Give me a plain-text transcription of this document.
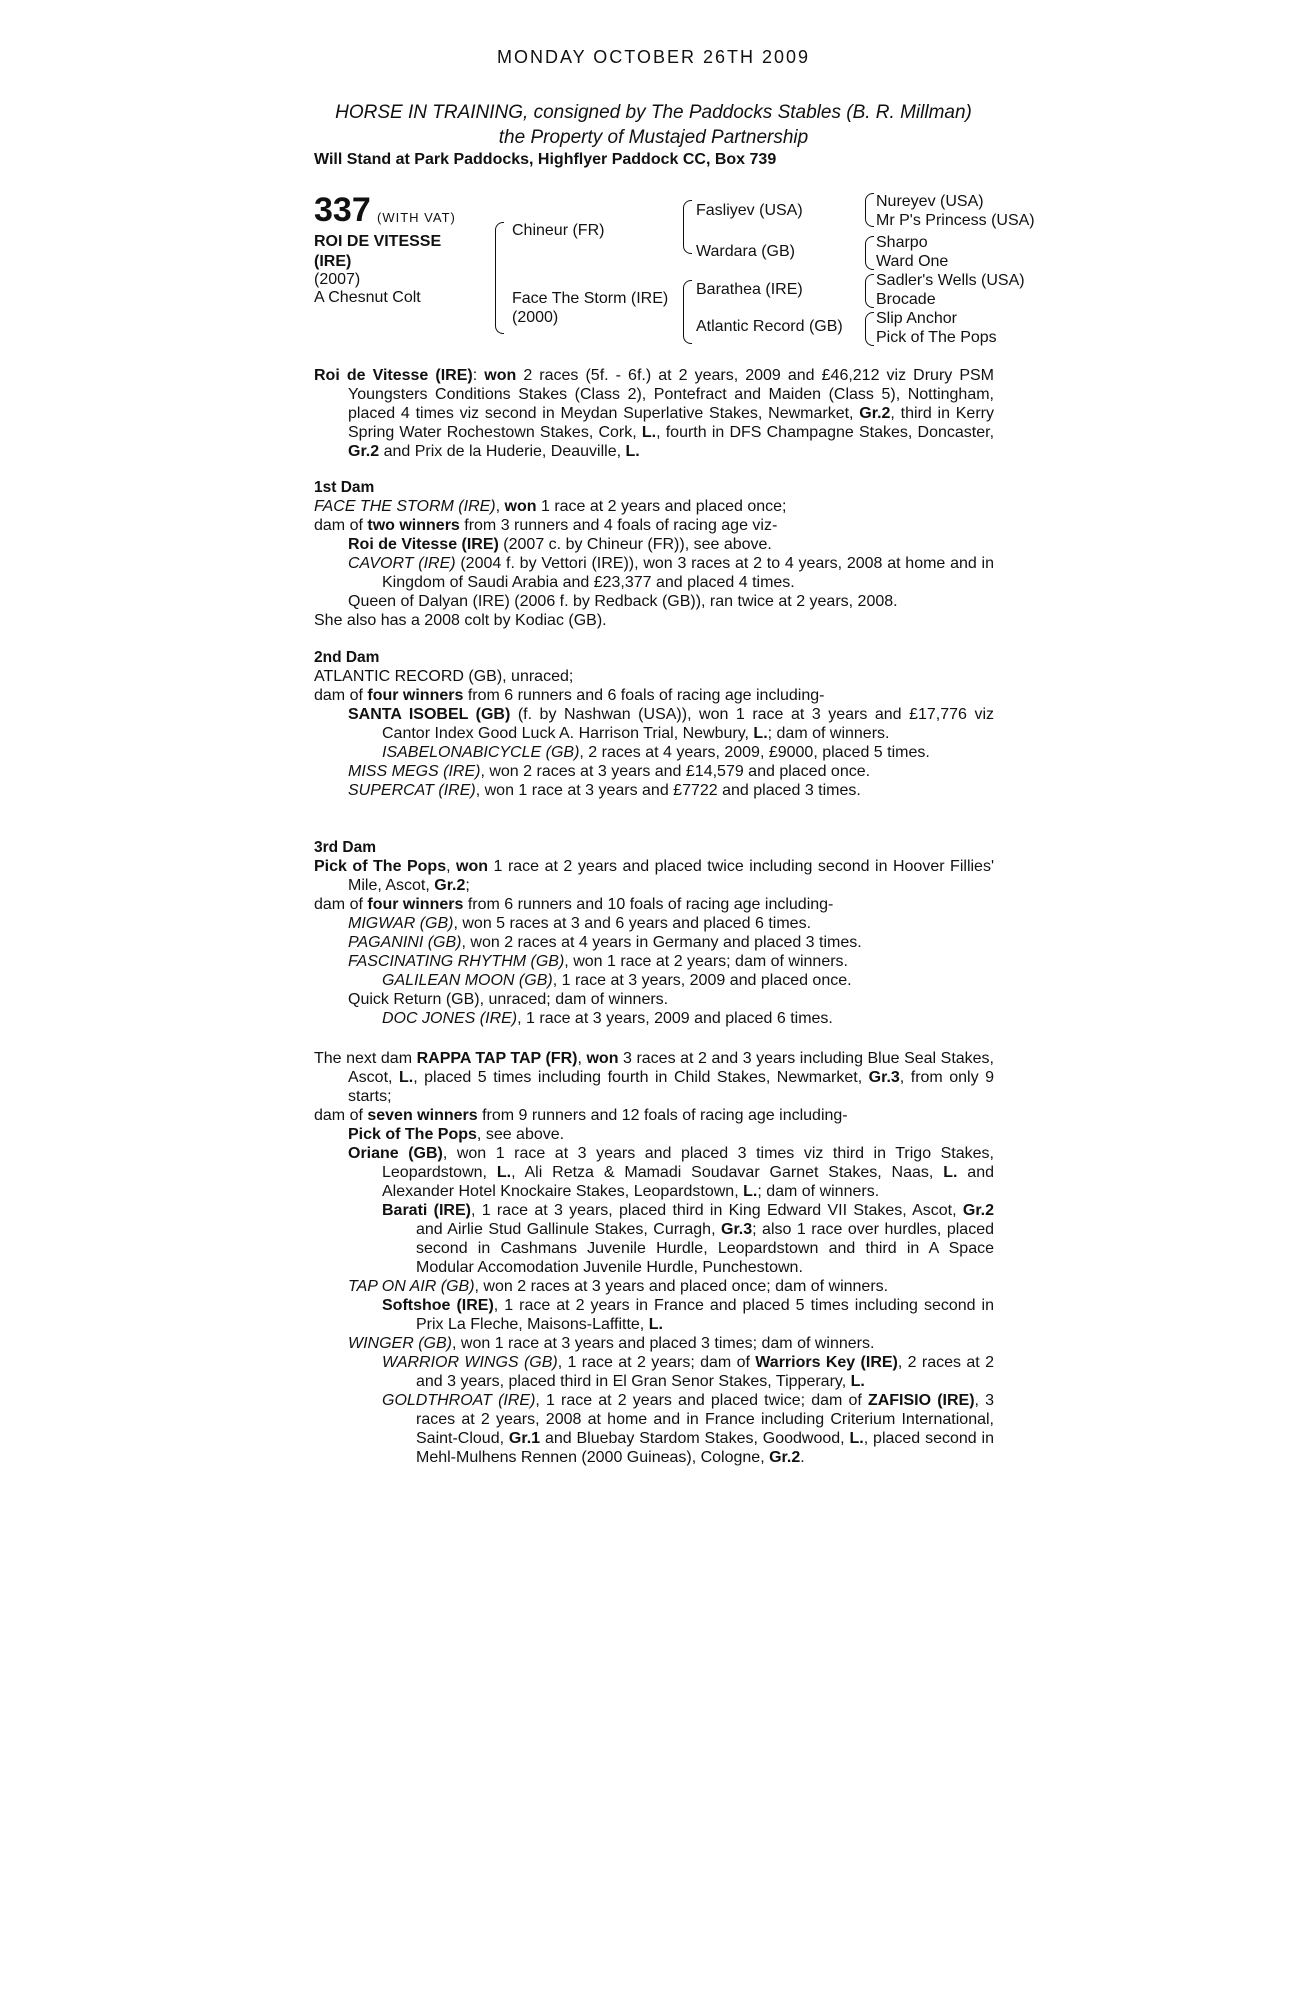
MONDAY OCTOBER 26TH 2009
HORSE IN TRAINING, consigned by The Paddocks Stables (B. R. Millman)
the Property of Mustajed Partnership
Will Stand at Park Paddocks, Highflyer Paddock CC, Box 739
337 (WITH VAT)
ROI DE VITESSE (IRE)
(2007)
A Chesnut Colt
Chineur (FR)
Face The Storm (IRE)
(2000)
Fasliyev (USA)
Wardara (GB)
Barathea (IRE)
Atlantic Record (GB)
Nureyev (USA)
Mr P's Princess (USA)
Sharpo
Ward One
Sadler's Wells (USA)
Brocade
Slip Anchor
Pick of The Pops

Roi de Vitesse (IRE): won 2 races (5f. - 6f.) at 2 years, 2009 and £46,212 viz Drury PSM Youngsters Conditions Stakes (Class 2), Pontefract and Maiden (Class 5), Nottingham, placed 4 times viz second in Meydan Superlative Stakes, Newmarket, Gr.2, third in Kerry Spring Water Rochestown Stakes, Cork, L., fourth in DFS Champagne Stakes, Doncaster, Gr.2 and Prix de la Huderie, Deauville, L.

1st Dam

FACE THE STORM (IRE), won 1 race at 2 years and placed once;

dam of two winners from 3 runners and 4 foals of racing age viz-

Roi de Vitesse (IRE) (2007 c. by Chineur (FR)), see above.

CAVORT (IRE) (2004 f. by Vettori (IRE)), won 3 races at 2 to 4 years, 2008 at home and in Kingdom of Saudi Arabia and £23,377 and placed 4 times.

Queen of Dalyan (IRE) (2006 f. by Redback (GB)), ran twice at 2 years, 2008.

She also has a 2008 colt by Kodiac (GB).

2nd Dam

ATLANTIC RECORD (GB), unraced;

dam of four winners from 6 runners and 6 foals of racing age including-

SANTA ISOBEL (GB) (f. by Nashwan (USA)), won 1 race at 3 years and £17,776 viz Cantor Index Good Luck A. Harrison Trial, Newbury, L.; dam of winners.

ISABELONABICYCLE (GB), 2 races at 4 years, 2009, £9000, placed 5 times.

MISS MEGS (IRE), won 2 races at 3 years and £14,579 and placed once.

SUPERCAT (IRE), won 1 race at 3 years and £7722 and placed 3 times.

3rd Dam

Pick of The Pops, won 1 race at 2 years and placed twice including second in Hoover Fillies' Mile, Ascot, Gr.2;

dam of four winners from 6 runners and 10 foals of racing age including-

MIGWAR (GB), won 5 races at 3 and 6 years and placed 6 times.

PAGANINI (GB), won 2 races at 4 years in Germany and placed 3 times.

FASCINATING RHYTHM (GB), won 1 race at 2 years; dam of winners.

GALILEAN MOON (GB), 1 race at 3 years, 2009 and placed once.

Quick Return (GB), unraced; dam of winners.

DOC JONES (IRE), 1 race at 3 years, 2009 and placed 6 times.

The next dam RAPPA TAP TAP (FR), won 3 races at 2 and 3 years including Blue Seal Stakes, Ascot, L., placed 5 times including fourth in Child Stakes, Newmarket, Gr.3, from only 9 starts;

dam of seven winners from 9 runners and 12 foals of racing age including-

Pick of The Pops, see above.

Oriane (GB), won 1 race at 3 years and placed 3 times viz third in Trigo Stakes, Leopardstown, L., Ali Retza & Mamadi Soudavar Garnet Stakes, Naas, L. and Alexander Hotel Knockaire Stakes, Leopardstown, L.; dam of winners.

Barati (IRE), 1 race at 3 years, placed third in King Edward VII Stakes, Ascot, Gr.2 and Airlie Stud Gallinule Stakes, Curragh, Gr.3; also 1 race over hurdles, placed second in Cashmans Juvenile Hurdle, Leopardstown and third in A Space Modular Accomodation Juvenile Hurdle, Punchestown.

TAP ON AIR (GB), won 2 races at 3 years and placed once; dam of winners.

Softshoe (IRE), 1 race at 2 years in France and placed 5 times including second in Prix La Fleche, Maisons-Laffitte, L.

WINGER (GB), won 1 race at 3 years and placed 3 times; dam of winners.

WARRIOR WINGS (GB), 1 race at 2 years; dam of Warriors Key (IRE), 2 races at 2 and 3 years, placed third in El Gran Senor Stakes, Tipperary, L.

GOLDTHROAT (IRE), 1 race at 2 years and placed twice; dam of ZAFISIO (IRE), 3 races at 2 years, 2008 at home and in France including Criterium International, Saint-Cloud, Gr.1 and Bluebay Stardom Stakes, Goodwood, L., placed second in Mehl-Mulhens Rennen (2000 Guineas), Cologne, Gr.2.
